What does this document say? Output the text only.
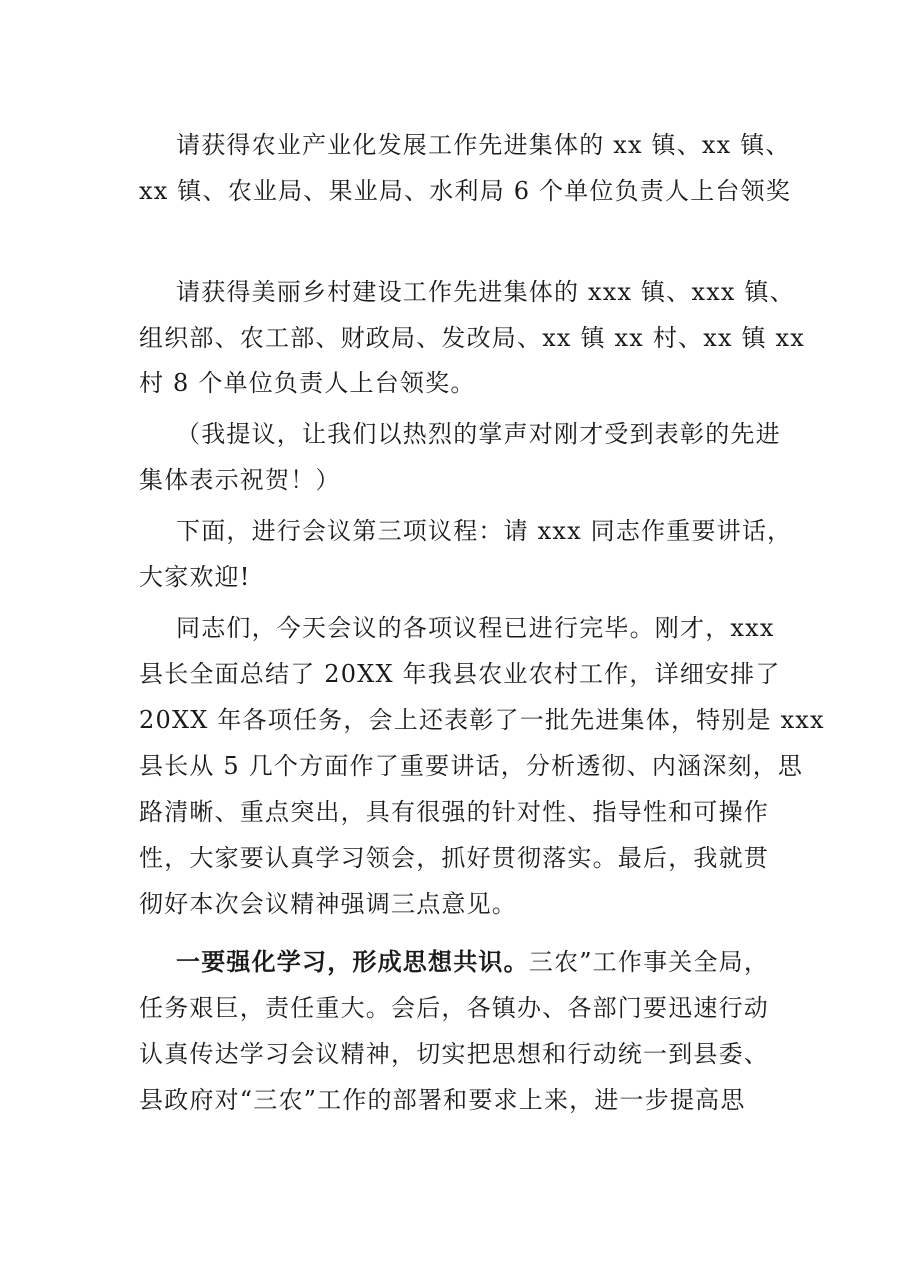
请获得农业产业化发展工作先进集体的 xx 镇、xx 镇、
xx 镇、农业局、果业局、水利局 6 个单位负责人上台领奖
请获得美丽乡村建设工作先进集体的 xxx 镇、xxx 镇、
组织部、农工部、财政局、发改局、xx 镇 xx 村、xx 镇 xx
村 8 个单位负责人上台领奖。
（我提议，让我们以热烈的掌声对刚才受到表彰的先进
集体表示祝贺！）
下面，进行会议第三项议程：请 xxx 同志作重要讲话，
大家欢迎!
同志们，今天会议的各项议程已进行完毕。刚才，xxx
县长全面总结了 20XX 年我县农业农村工作，详细安排了
20XX 年各项任务，会上还表彰了一批先进集体，特别是 xxx
县长从 5 几个方面作了重要讲话，分析透彻、内涵深刻，思
路清晰、重点突出，具有很强的针对性、指导性和可操作
性，大家要认真学习领会，抓好贯彻落实。最后，我就贯
彻好本次会议精神强调三点意见。
一要强化学习，形成思想共识。三农”工作事关全局，
任务艰巨，责任重大。会后，各镇办、各部门要迅速行动
认真传达学习会议精神，切实把思想和行动统一到县委、
县政府对“三农”工作的部署和要求上来，进一步提高思
